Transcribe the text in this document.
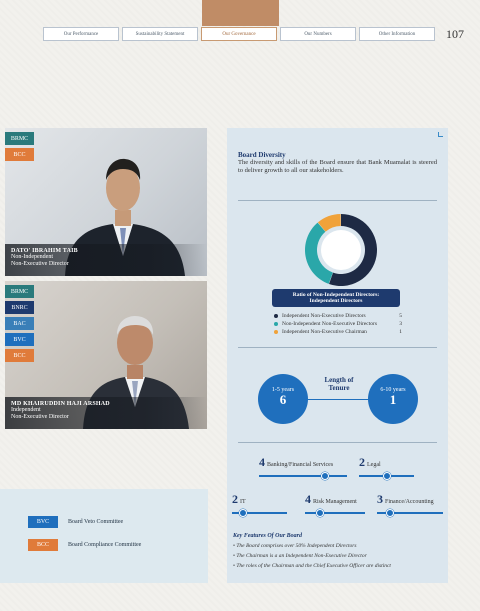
Our Performance	Sustainability Statement	Our Governance	Our Numbers	Other Information	107
BRMC
BCC
DATO' IBRAHIM TAIB
Non-Independent
Non-Executive Director
BRMC
BNRC
BAC
BVC
BCC
MD KHAIRUDDIN HAJI ARSHAD
Independent
Non-Executive Director
BVC	Board Veto Committee
BCC	Board Compliance Committee
Board Diversity
The diversity and skills of the Board ensure that Bank Muamalat is steered to deliver growth to all our stakeholders.
Ratio of Non-Independent Directors:
Independent Directors
Independent Non-Executive Directors	5
Non-Independent Non-Executive Directors	3
Independent Non-Executive Chairman	1
1-5 years
6
Length of
Tenure	6-10 years
1
4 Banking/Financial Services 2 Legal
2 IT	4 Risk Management 3 Finance/Accounting
Key Features Of Our Board
• The Board comprises over 50% Independent Directors
• The Chairman is a an Independent Non-Executive Director
• The roles of the Chairman and the Chief Executive Officer are distinct
